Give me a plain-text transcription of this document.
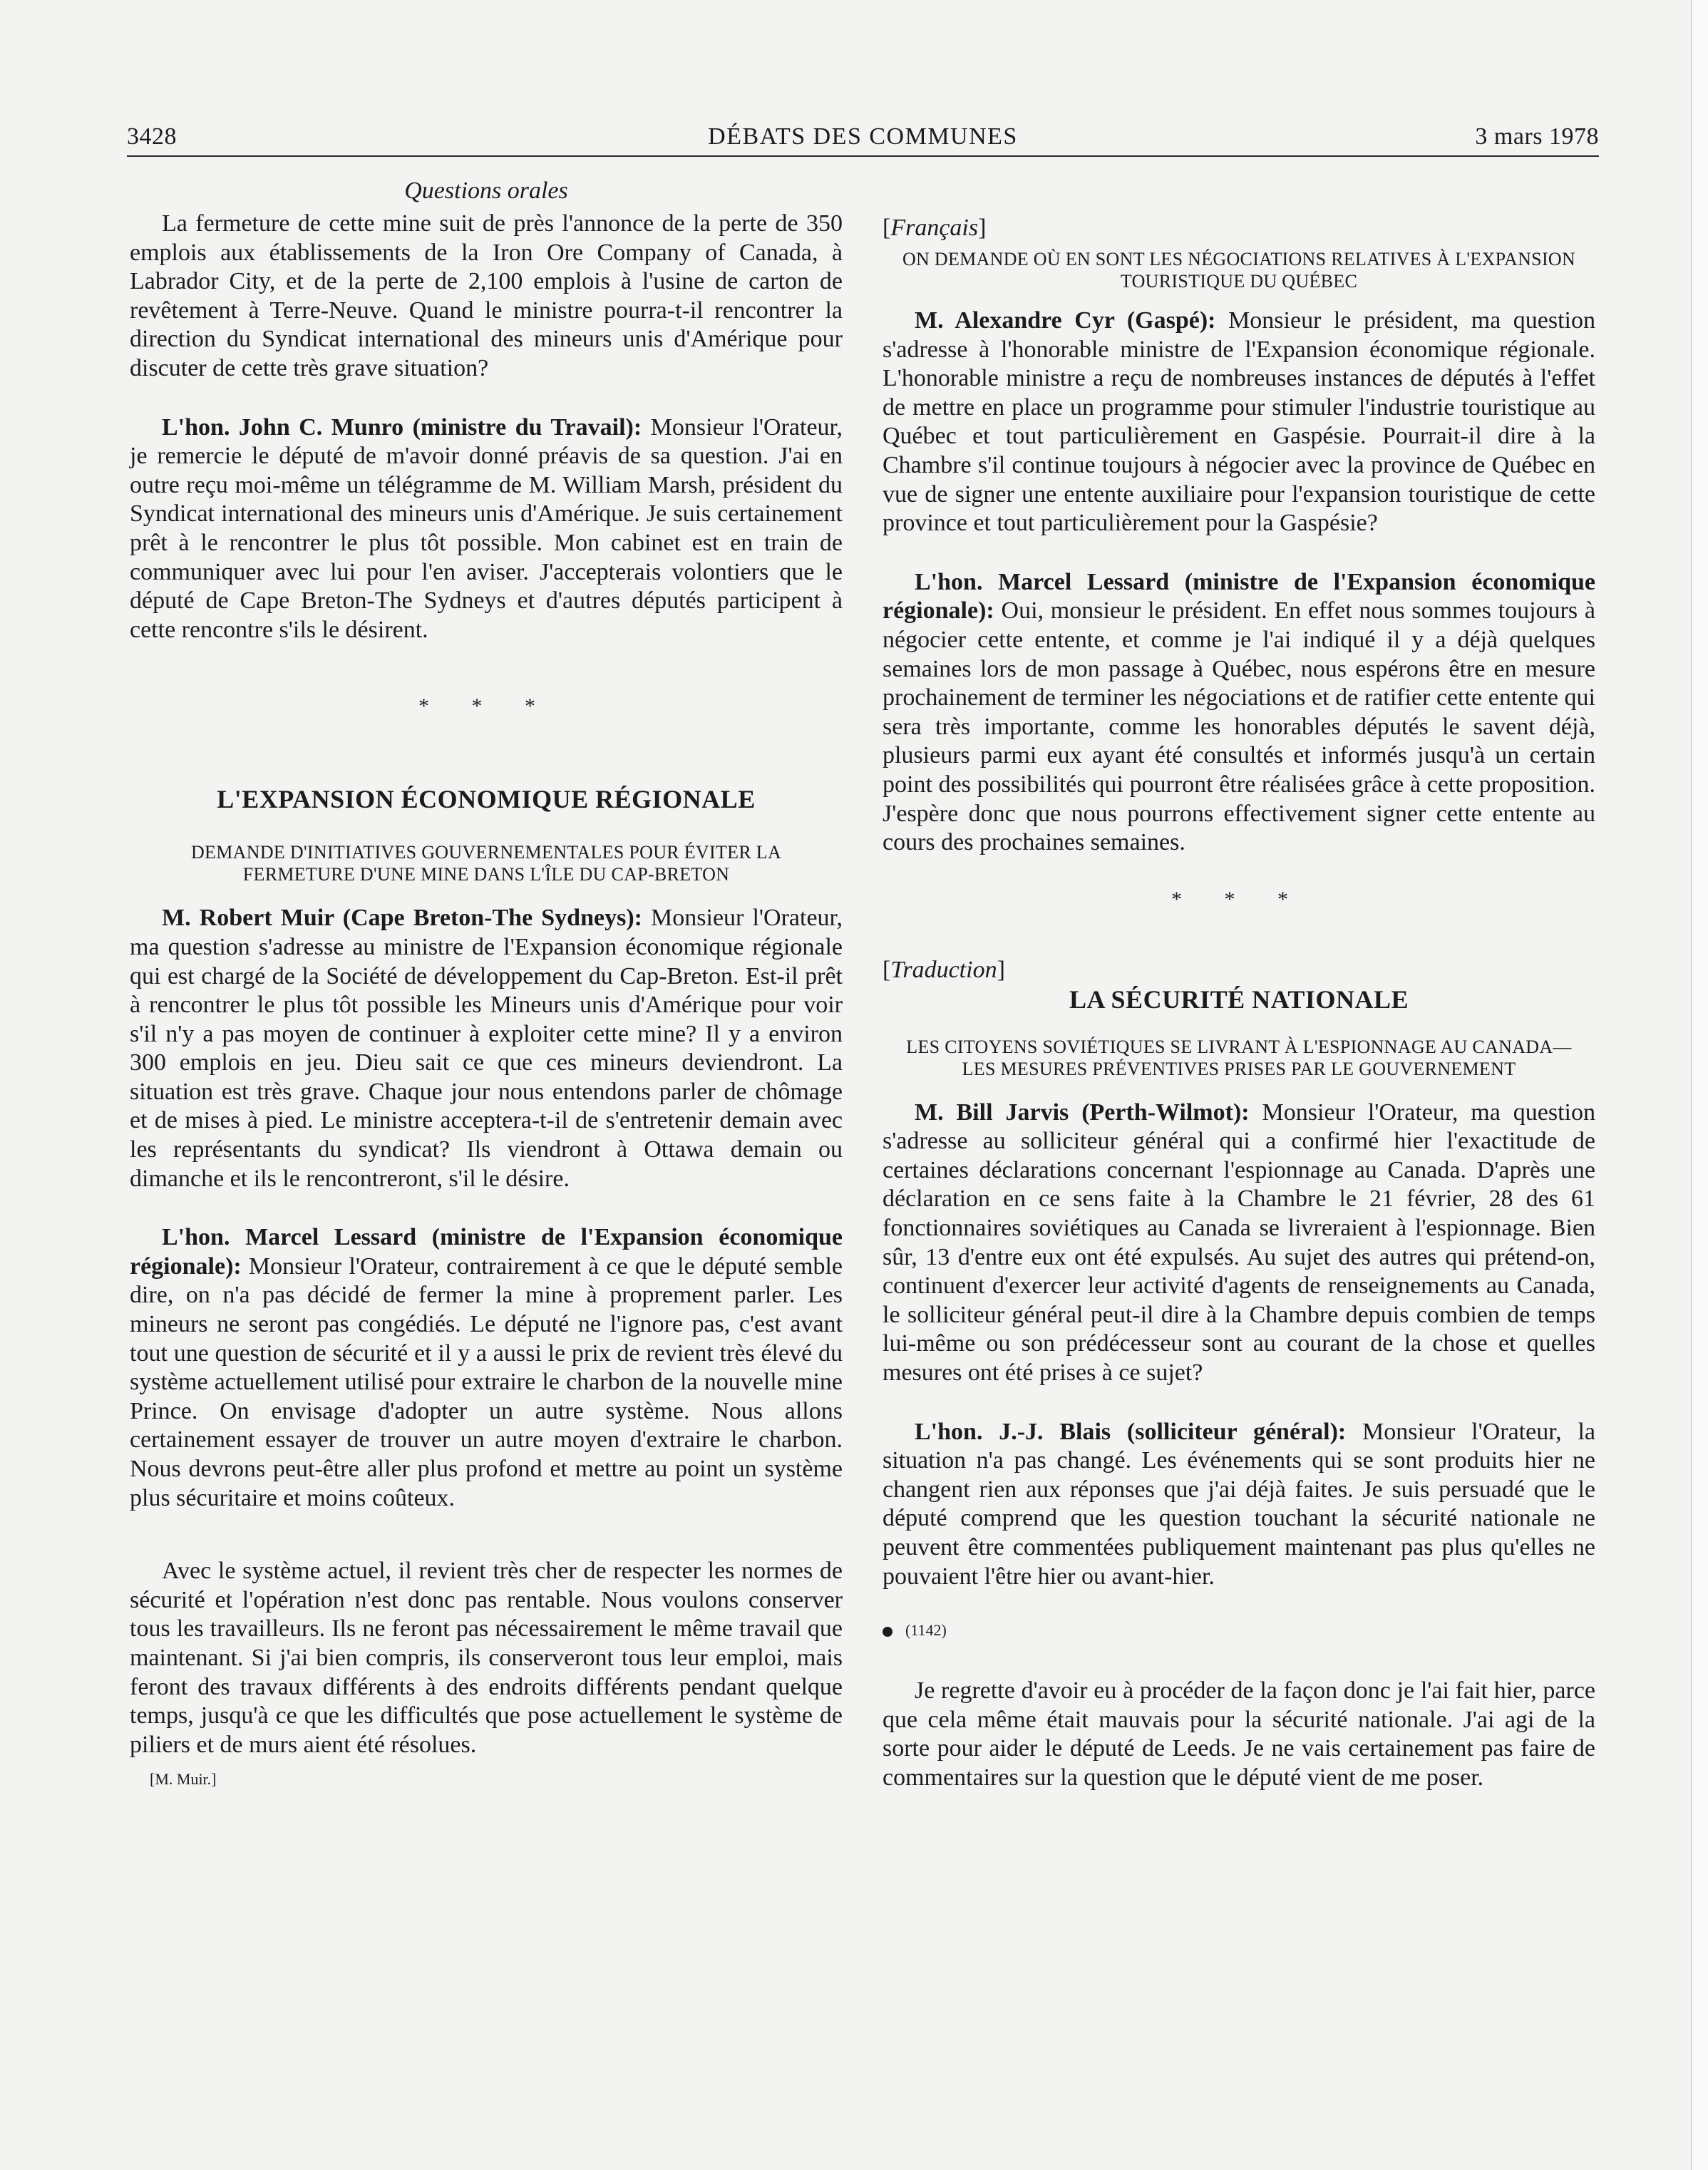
3428	DÉBATS DES COMMUNES	3 mars 1978
Questions orales

La fermeture de cette mine suit de près l'annonce de la perte de 350 emplois aux établissements de la Iron Ore Company of Canada, à Labrador City, et de la perte de 2,100 emplois à l'usine de carton de revêtement à Terre-Neuve. Quand le ministre pourra-t-il rencontrer la direction du Syndicat international des mineurs unis d'Amérique pour discuter de cette très grave situation?

L'hon. John C. Munro (ministre du Travail): Monsieur l'Orateur, je remercie le député de m'avoir donné préavis de sa question. J'ai en outre reçu moi-même un télégramme de M. William Marsh, président du Syndicat international des mineurs unis d'Amérique. Je suis certainement prêt à le rencontrer le plus tôt possible. Mon cabinet est en train de communiquer avec lui pour l'en aviser. J'accepterais volontiers que le député de Cape Breton-The Sydneys et d'autres députés participent à cette rencontre s'ils le désirent.

* * *
L'EXPANSION ÉCONOMIQUE RÉGIONALE
DEMANDE D'INITIATIVES GOUVERNEMENTALES POUR ÉVITER LA FERMETURE D'UNE MINE DANS L'ÎLE DU CAP-BRETON

M. Robert Muir (Cape Breton-The Sydneys): Monsieur l'Orateur, ma question s'adresse au ministre de l'Expansion économique régionale qui est chargé de la Société de développement du Cap-Breton. Est-il prêt à rencontrer le plus tôt possible les Mineurs unis d'Amérique pour voir s'il n'y a pas moyen de continuer à exploiter cette mine? Il y a environ 300 emplois en jeu. Dieu sait ce que ces mineurs deviendront. La situation est très grave. Chaque jour nous entendons parler de chômage et de mises à pied. Le ministre acceptera-t-il de s'entretenir demain avec les représentants du syndicat? Ils viendront à Ottawa demain ou dimanche et ils le rencontreront, s'il le désire.

L'hon. Marcel Lessard (ministre de l'Expansion économique régionale): Monsieur l'Orateur, contrairement à ce que le député semble dire, on n'a pas décidé de fermer la mine à proprement parler. Les mineurs ne seront pas congédiés. Le député ne l'ignore pas, c'est avant tout une question de sécurité et il y a aussi le prix de revient très élevé du système actuellement utilisé pour extraire le charbon de la nouvelle mine Prince. On envisage d'adopter un autre système. Nous allons certainement essayer de trouver un autre moyen d'extraire le charbon. Nous devrons peut-être aller plus profond et mettre au point un système plus sécuritaire et moins coûteux.

Avec le système actuel, il revient très cher de respecter les normes de sécurité et l'opération n'est donc pas rentable. Nous voulons conserver tous les travailleurs. Ils ne feront pas nécessairement le même travail que maintenant. Si j'ai bien compris, ils conserveront tous leur emploi, mais feront des travaux différents à des endroits différents pendant quelque temps, jusqu'à ce que les difficultés que pose actuellement le système de piliers et de murs aient été résolues.

[M. Muir.]
[Français]
ON DEMANDE OÙ EN SONT LES NÉGOCIATIONS RELATIVES À L'EXPANSION TOURISTIQUE DU QUÉBEC

M. Alexandre Cyr (Gaspé): Monsieur le président, ma question s'adresse à l'honorable ministre de l'Expansion économique régionale. L'honorable ministre a reçu de nombreuses instances de députés à l'effet de mettre en place un programme pour stimuler l'industrie touristique au Québec et tout particulièrement en Gaspésie. Pourrait-il dire à la Chambre s'il continue toujours à négocier avec la province de Québec en vue de signer une entente auxiliaire pour l'expansion touristique de cette province et tout particulièrement pour la Gaspésie?

L'hon. Marcel Lessard (ministre de l'Expansion économique régionale): Oui, monsieur le président. En effet nous sommes toujours à négocier cette entente, et comme je l'ai indiqué il y a déjà quelques semaines lors de mon passage à Québec, nous espérons être en mesure prochainement de terminer les négociations et de ratifier cette entente qui sera très importante, comme les honorables députés le savent déjà, plusieurs parmi eux ayant été consultés et informés jusqu'à un certain point des possibilités qui pourront être réalisées grâce à cette proposition. J'espère donc que nous pourrons effectivement signer cette entente au cours des prochaines semaines.

* * *
[Traduction]
LA SÉCURITÉ NATIONALE
LES CITOYENS SOVIÉTIQUES SE LIVRANT À L'ESPIONNAGE AU CANADA—LES MESURES PRÉVENTIVES PRISES PAR LE GOUVERNEMENT

M. Bill Jarvis (Perth-Wilmot): Monsieur l'Orateur, ma question s'adresse au solliciteur général qui a confirmé hier l'exactitude de certaines déclarations concernant l'espionnage au Canada. D'après une déclaration en ce sens faite à la Chambre le 21 février, 28 des 61 fonctionnaires soviétiques au Canada se livreraient à l'espionnage. Bien sûr, 13 d'entre eux ont été expulsés. Au sujet des autres qui prétend-on, continuent d'exercer leur activité d'agents de renseignements au Canada, le solliciteur général peut-il dire à la Chambre depuis combien de temps lui-même ou son prédécesseur sont au courant de la chose et quelles mesures ont été prises à ce sujet?

L'hon. J.-J. Blais (solliciteur général): Monsieur l'Orateur, la situation n'a pas changé. Les événements qui se sont produits hier ne changent rien aux réponses que j'ai déjà faites. Je suis persuadé que le député comprend que les question touchant la sécurité nationale ne peuvent être commentées publiquement maintenant pas plus qu'elles ne pouvaient l'être hier ou avant-hier.

(1142)

Je regrette d'avoir eu à procéder de la façon donc je l'ai fait hier, parce que cela même était mauvais pour la sécurité nationale. J'ai agi de la sorte pour aider le député de Leeds. Je ne vais certainement pas faire de commentaires sur la question que le député vient de me poser.
